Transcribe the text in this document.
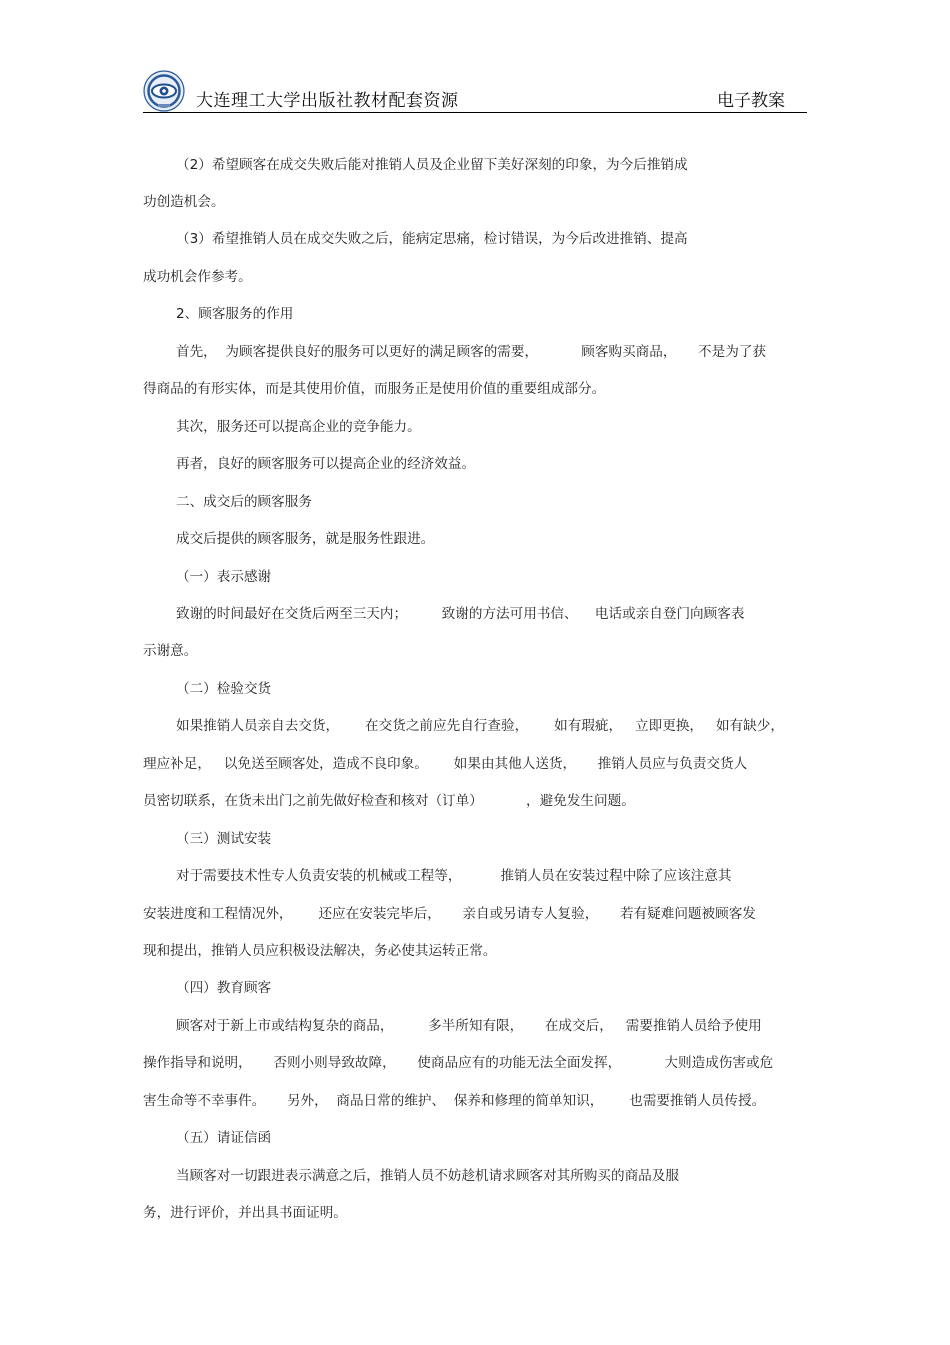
大连理工大学出版社教材配套资源	电子教案
（2）希望顾客在成交失败后能对推销人员及企业留下美好深刻的印象，为今后推销成
功创造机会。
（3）希望推销人员在成交失败之后，能病定思痛，检讨错误，为今后改进推销、提高
成功机会作参考。
2、顾客服务的作用
首先，  为顾客提供良好的服务可以更好的满足顾客的需要，          顾客购买商品，     不是为了获
得商品的有形实体，而是其使用价值，而服务正是使用价值的重要组成部分。
其次，服务还可以提高企业的竞争能力。
再者，良好的顾客服务可以提高企业的经济效益。
二、成交后的顾客服务
成交后提供的顾客服务，就是服务性跟进。
（一）表示感谢
致谢的时间最好在交货后两至三天内；        致谢的方法可用书信、    电话或亲自登门向顾客表
示谢意。
（二）检验交货
如果推销人员亲自去交货，      在交货之前应先自行查验，      如有瑕疵，   立即更换，   如有缺少，
理应补足，   以免送至顾客处，造成不良印象。      如果由其他人送货，     推销人员应与负责交货人
员密切联系，在货未出门之前先做好检查和核对（订单）          ，避免发生问题。
（三）测试安装
对于需要技术性专人负责安装的机械或工程等，         推销人员在安装过程中除了应该注意其
安装进度和工程情况外，      还应在安装完毕后，     亲自或另请专人复验，     若有疑难问题被顾客发
现和提出，推销人员应积极设法解决，务必使其运转正常。
（四）教育顾客
顾客对于新上市或结构复杂的商品，        多半所知有限，     在成交后，   需要推销人员给予使用
操作指导和说明，     否则小则导致故障，     使商品应有的功能无法全面发挥，          大则造成伤害或危
害生命等不幸事件。     另外，  商品日常的维护、  保养和修理的简单知识，      也需要推销人员传授。
（五）请证信函
当顾客对一切跟进表示满意之后，推销人员不妨趁机请求顾客对其所购买的商品及服
务，进行评价，并出具书面证明。
